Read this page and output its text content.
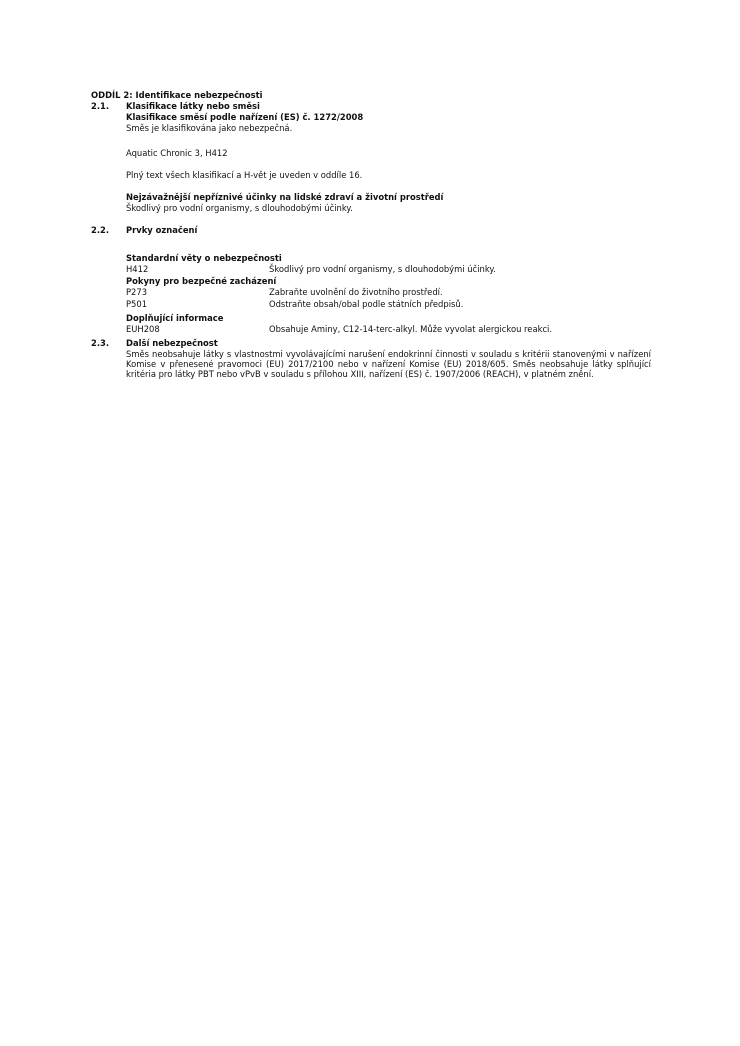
ODDÍL 2: Identifikace nebezpečnosti
2.1. Klasifikace látky nebo směsi
Klasifikace směsí podle nařízení (ES) č. 1272/2008
Směs je klasifikována jako nebezpečná.
Aquatic Chronic 3, H412
Plný text všech klasifikací a H-vět je uveden v oddíle 16.
Nejzávažnější nepříznivé účinky na lidské zdraví a životní prostředí
Škodlivý pro vodní organismy, s dlouhodobými účinky.
2.2. Prvky označení
Standardní věty o nebezpečnosti
H412	Škodlivý pro vodní organismy, s dlouhodobými účinky.
Pokyny pro bezpečné zacházení
P273	Zabraňte uvolnění do životního prostředí.
P501	Odstraňte obsah/obal podle státních předpisů.
Doplňující informace
EUH208	Obsahuje Aminy, C12-14-terc-alkyl. Může vyvolat alergickou reakci.
2.3. Další nebezpečnost
Směs neobsahuje látky s vlastnostmi vyvolávajícími narušení endokrinní činnosti v souladu s kritérii stanovenými v nařízení Komise v přenesené pravomoci (EU) 2017/2100 nebo v nařízení Komise (EU) 2018/605. Směs neobsahuje látky splňující kritéria pro látky PBT nebo vPvB v souladu s přílohou XIII, nařízení (ES) č. 1907/2006 (REACH), v platném znění.
